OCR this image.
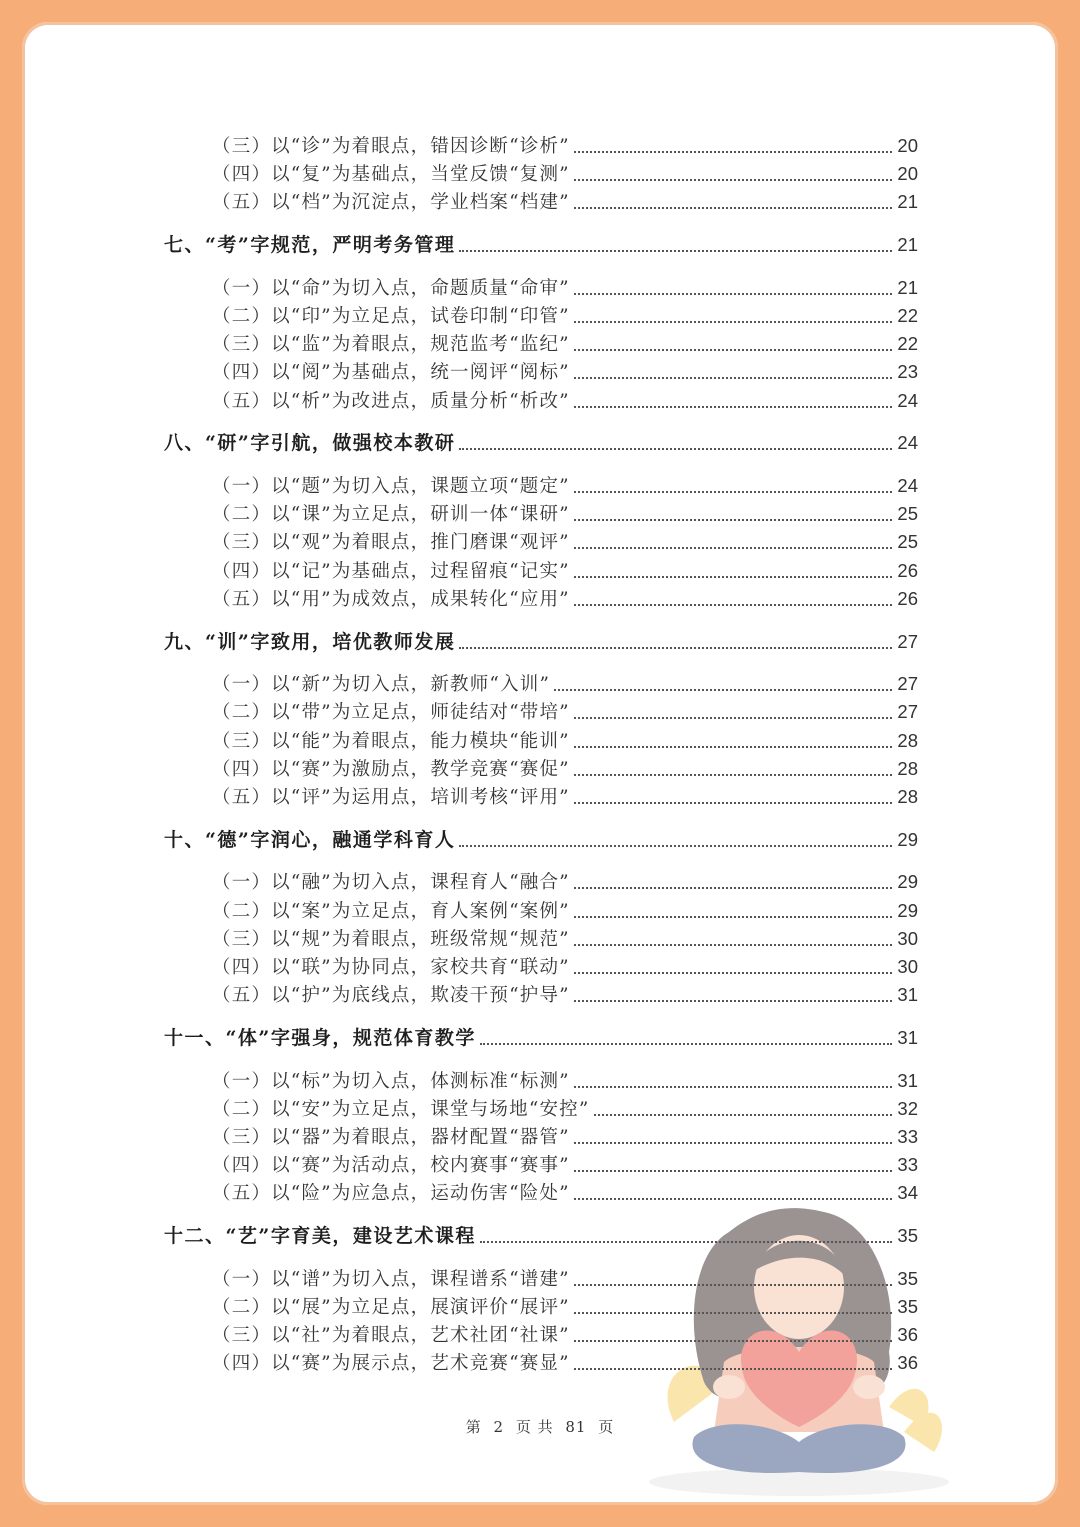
（三）以“诊”为着眼点，错因诊断“诊析”	20
（四）以“复”为基础点，当堂反馈“复测”	20
（五）以“档”为沉淀点，学业档案“档建”	21
七、“考”字规范，严明考务管理	21
（一）以“命”为切入点，命题质量“命审”	21
（二）以“印”为立足点，试卷印制“印管”	22
（三）以“监”为着眼点，规范监考“监纪”	22
（四）以“阅”为基础点，统一阅评“阅标”	23
（五）以“析”为改进点，质量分析“析改”	24
八、“研”字引航，做强校本教研	24
（一）以“题”为切入点，课题立项“题定”	24
（二）以“课”为立足点，研训一体“课研”	25
（三）以“观”为着眼点，推门磨课“观评”	25
（四）以“记”为基础点，过程留痕“记实”	26
（五）以“用”为成效点，成果转化“应用”	26
九、“训”字致用，培优教师发展	27
（一）以“新”为切入点，新教师“入训”	27
（二）以“带”为立足点，师徒结对“带培”	27
（三）以“能”为着眼点，能力模块“能训”	28
（四）以“赛”为激励点，教学竞赛“赛促”	28
（五）以“评”为运用点，培训考核“评用”	28
十、“德”字润心，融通学科育人	29
（一）以“融”为切入点，课程育人“融合”	29
（二）以“案”为立足点，育人案例“案例”	29
（三）以“规”为着眼点，班级常规“规范”	30
（四）以“联”为协同点，家校共育“联动”	30
（五）以“护”为底线点，欺凌干预“护导”	31
十一、“体”字强身，规范体育教学	31
（一）以“标”为切入点，体测标准“标测”	31
（二）以“安”为立足点，课堂与场地“安控”	32
（三）以“器”为着眼点，器材配置“器管”	33
（四）以“赛”为活动点，校内赛事“赛事”	33
（五）以“险”为应急点，运动伤害“险处”	34
十二、“艺”字育美，建设艺术课程	35
（一）以“谱”为切入点，课程谱系“谱建”	35
（二）以“展”为立足点，展演评价“展评”	35
（三）以“社”为着眼点，艺术社团“社课”	36
（四）以“赛”为展示点，艺术竞赛“赛显”	36
第 2 页 共 81 页
